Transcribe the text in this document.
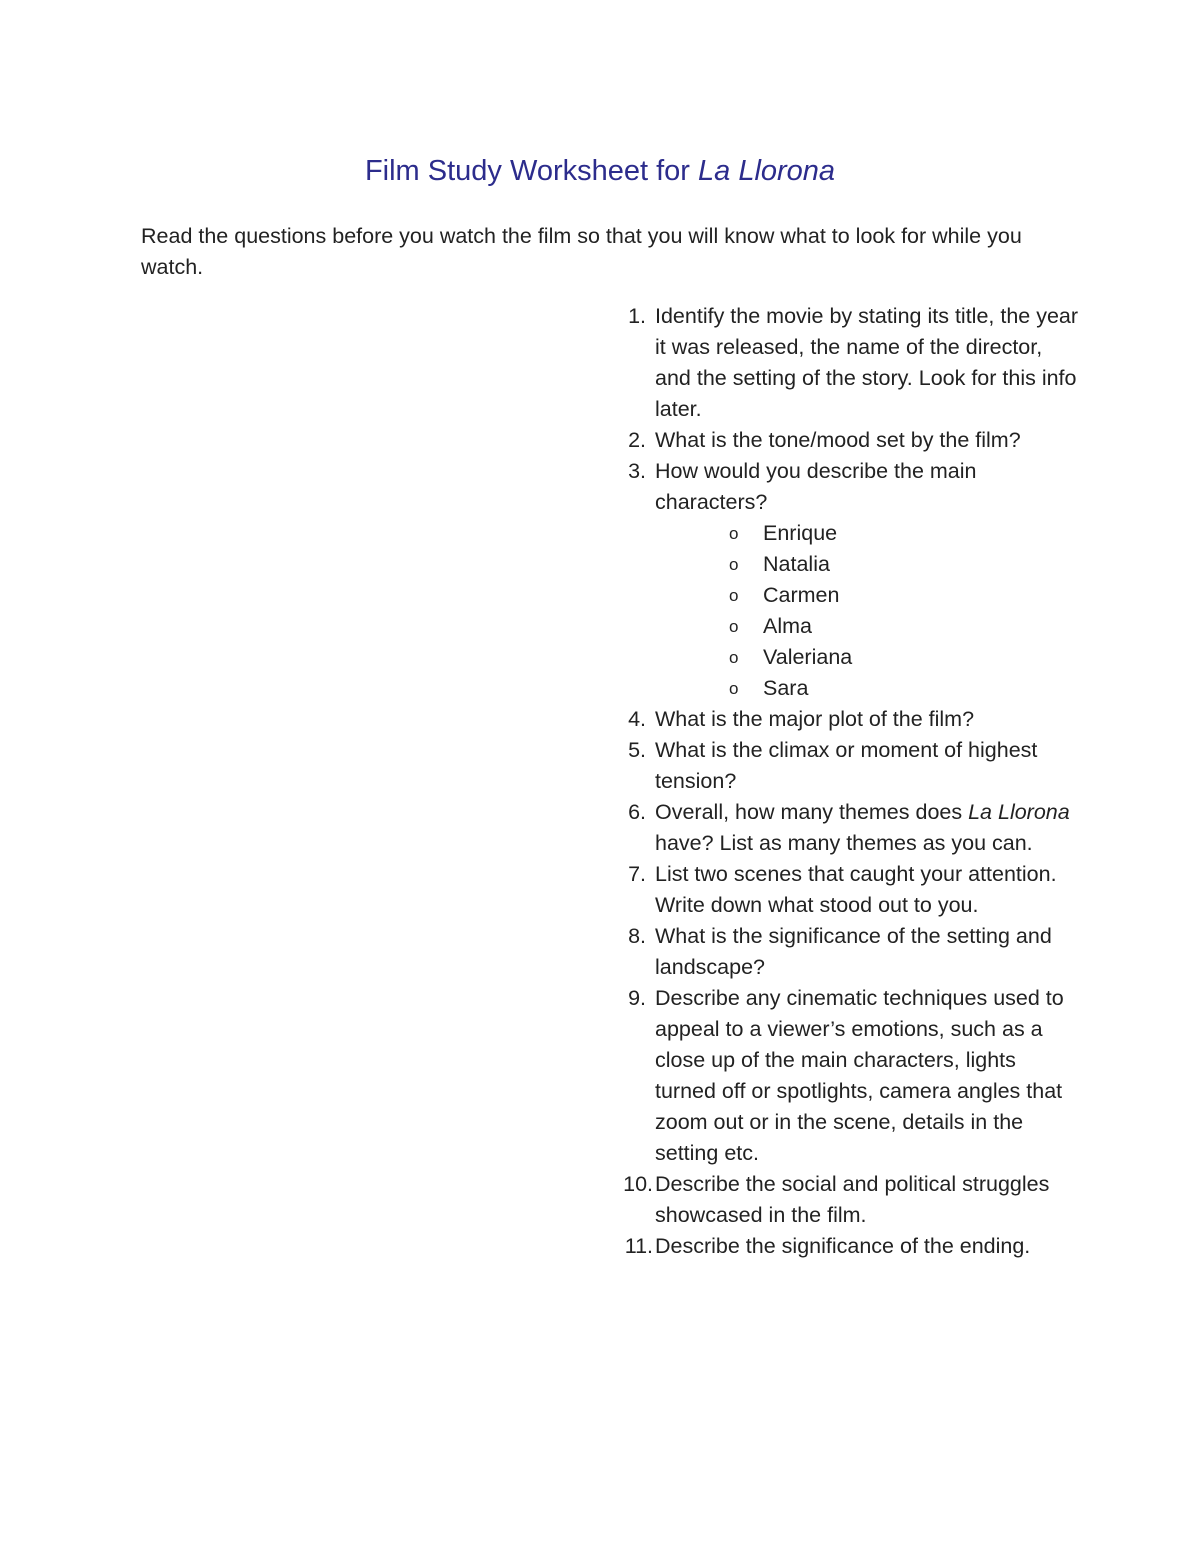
Film Study Worksheet for La Llorona

Read the questions before you watch the film so that you will know what to look for while you watch.

1. Identify the movie by stating its title, the year it was released, the name of the director, and the setting of the story. Look for this info later.
2. What is the tone/mood set by the film?
3. How would you describe the main characters?
o Enrique
o Natalia
o Carmen
o Alma
o Valeriana
o Sara
4. What is the major plot of the film?
5. What is the climax or moment of highest tension?
6. Overall, how many themes does La Llorona have? List as many themes as you can.
7. List two scenes that caught your attention. Write down what stood out to you.
8. What is the significance of the setting and landscape?
9. Describe any cinematic techniques used to appeal to a viewer’s emotions, such as a close up of the main characters, lights turned off or spotlights, camera angles that zoom out or in the scene, details in the setting etc.
10. Describe the social and political struggles showcased in the film.
11. Describe the significance of the ending.
